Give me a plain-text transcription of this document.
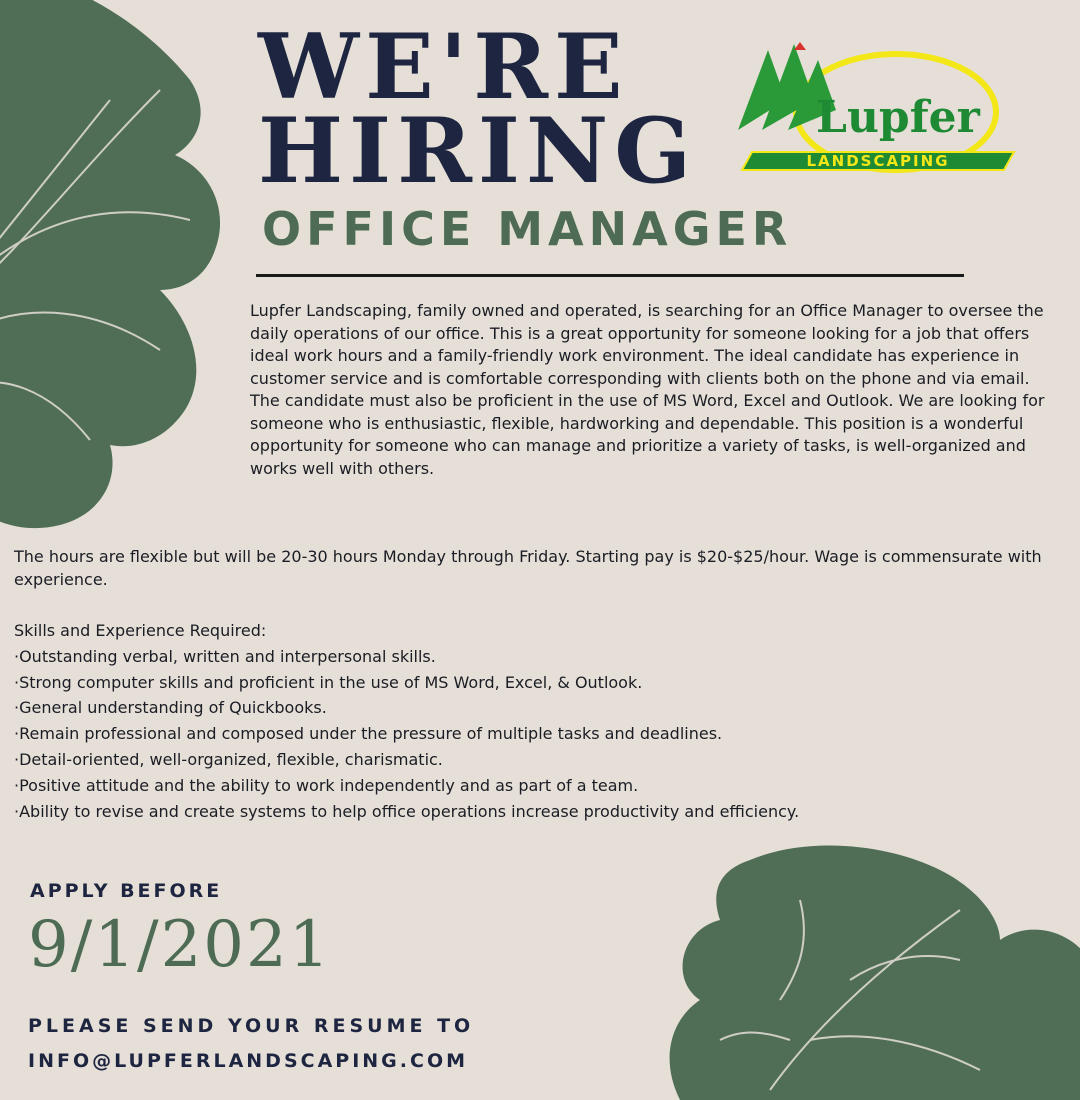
WE'RE
HIRING
OFFICE MANAGER
Lupfer
LANDSCAPING
Lupfer Landscaping, family owned and operated, is searching for an Office Manager to oversee the daily operations of our office. This is a great opportunity for someone looking for a job that offers ideal work hours and a family-friendly work environment. The ideal candidate has experience in customer service and is comfortable corresponding with clients both on the phone and via email. The candidate must also be proficient in the use of MS Word, Excel and Outlook. We are looking for someone who is enthusiastic, flexible, hardworking and dependable. This position is a wonderful opportunity for someone who can manage and prioritize a variety of tasks, is well-organized and works well with others.
The hours are flexible but will be 20-30 hours Monday through Friday. Starting pay is $20-$25/hour. Wage is commensurate with experience.
Skills and Experience Required:
·Outstanding verbal, written and interpersonal skills.
·Strong computer skills and proficient in the use of MS Word, Excel, & Outlook.
·General understanding of Quickbooks.
·Remain professional and composed under the pressure of multiple tasks and deadlines.
·Detail-oriented, well-organized, flexible, charismatic.
·Positive attitude and the ability to work independently and as part of a team.
·Ability to revise and create systems to help office operations increase productivity and efficiency.
APPLY BEFORE
9/1/2021
PLEASE SEND YOUR RESUME TO
INFO@LUPFERLANDSCAPING.COM
